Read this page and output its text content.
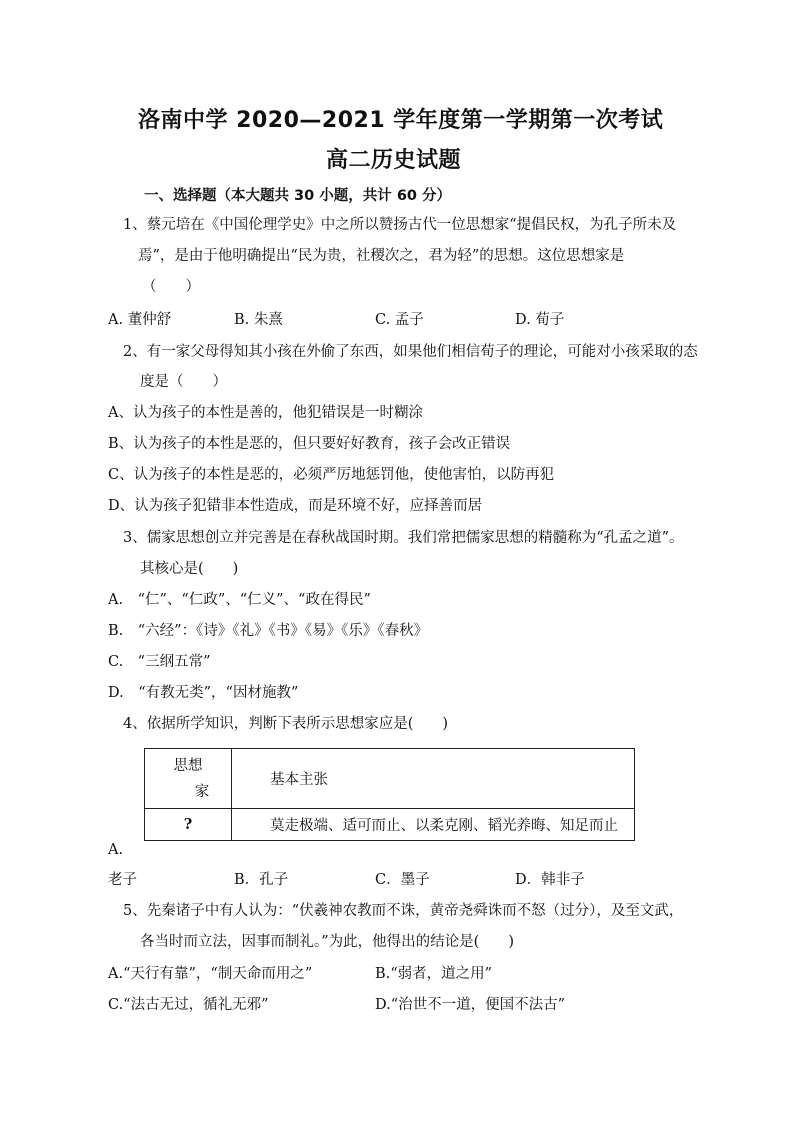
洛南中学 2020—2021 学年度第一学期第一次考试
高二历史试题
一、选择题（本大题共 30 小题，共计 60 分）
1、蔡元培在《中国伦理学史》中之所以赞扬古代一位思想家“提倡民权，为孔子所未及
焉”，是由于他明确提出“民为贵，社稷次之，君为轻”的思想。这位思想家是
（　　）
A. 董仲舒	B. 朱熹	C. 孟子	D. 荀子
2、有一家父母得知其小孩在外偷了东西，如果他们相信荀子的理论，可能对小孩采取的态
度是（　　）
A、认为孩子的本性是善的，他犯错误是一时糊涂
B、认为孩子的本性是恶的，但只要好好教育，孩子会改正错误
C、认为孩子的本性是恶的，必须严厉地惩罚他，使他害怕，以防再犯
D、认为孩子犯错非本性造成，而是环境不好，应择善而居
3、儒家思想创立并完善是在春秋战国时期。我们常把儒家思想的精髓称为“孔孟之道”。
其核心是(　　)
A.　“仁”、“仁政”、“仁义”、“政在得民”
B.　“六经”：《诗》《礼》《书》《易》《乐》《春秋》
C.　“三纲五常”
D.　“有教无类”，“因材施教”
4、依据所学知识，判断下表所示思想家应是(　　)
思想
家	基本主张
?	莫走极端、适可而止、以柔克刚、韬光养晦、知足而止
A.
老子	B．孔子	C．墨子	D．韩非子
5、先秦诸子中有人认为：“伏羲神农教而不诛，黄帝尧舜诛而不怒（过分），及至文武，
各当时而立法，因事而制礼。”为此，他得出的结论是(　　)
A.“天行有靠”，“制天命而用之”	B.“弱者，道之用”
C.“法古无过，循礼无邪”	D.“治世不一道，便国不法古”
